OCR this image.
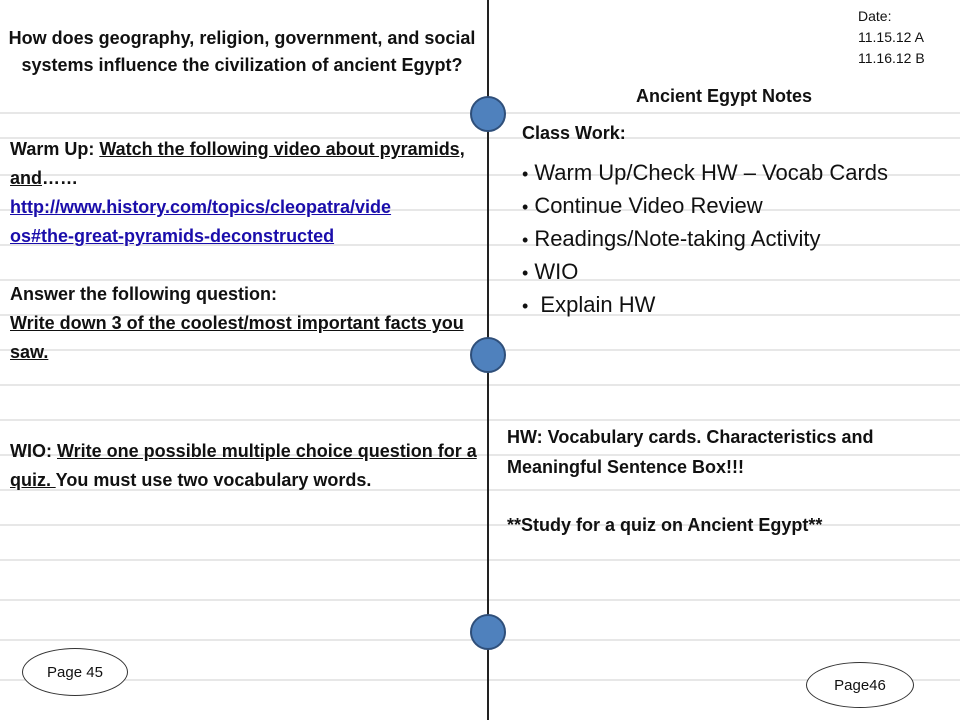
Date:
11.15.12 A
11.16.12 B
How does geography, religion, government, and social systems influence the civilization of ancient Egypt?
Warm Up: Watch the following video about pyramids, and……
http://www.history.com/topics/cleopatra/vide
os#the-great-pyramids-deconstructed
Answer the following question:
Write down 3 of the coolest/most important facts you saw.
WIO: Write one possible multiple choice question for a quiz. You must use two vocabulary words.
Page 45
Ancient Egypt Notes
Class Work:
• Warm Up/Check HW – Vocab Cards
• Continue Video Review
• Readings/Note-taking Activity
• WIO
• Explain HW
HW: Vocabulary cards. Characteristics and Meaningful Sentence Box!!!
**Study for a quiz on Ancient Egypt**
Page46
